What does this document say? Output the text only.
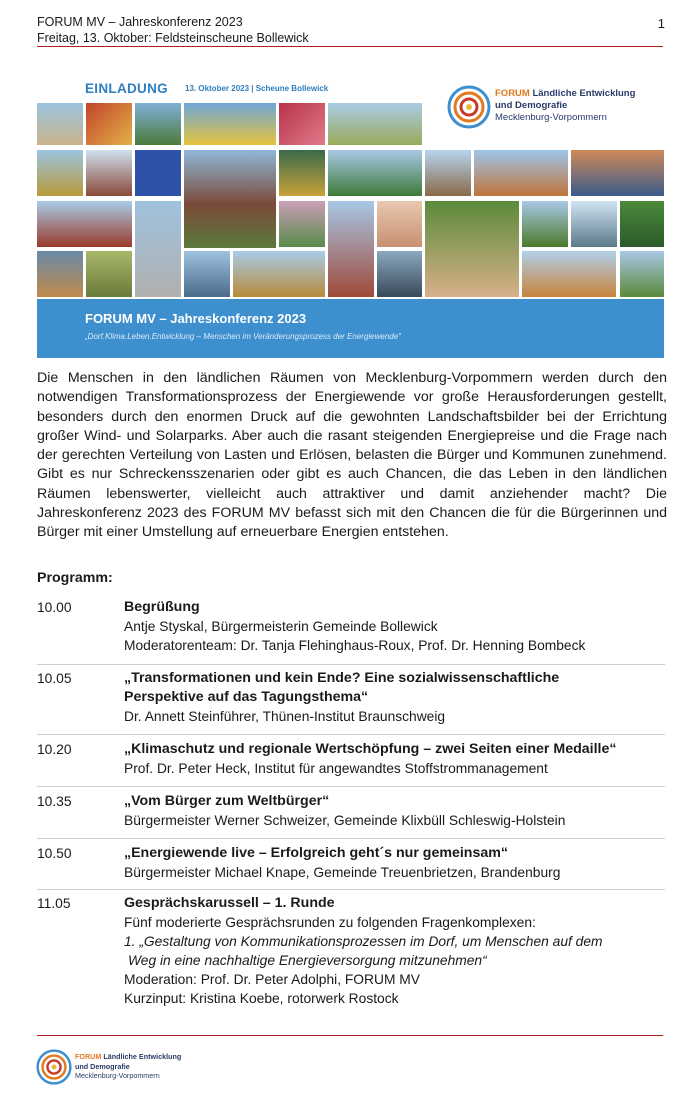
FORUM MV – Jahreskonferenz 2023
Freitag, 13. Oktober: Feldsteinscheune Bollewick
1
EINLADUNG 13. Oktober 2023 | Scheune Bollewick	FORUM Ländliche Entwicklung
und Demografie
Mecklenburg-Vorpommern
FORUM MV – Jahreskonferenz 2023
„Dorf.Klima.Leben.Entwicklung – Menschen im Veränderungsprozess der Energiewende“
Die Menschen in den ländlichen Räumen von Mecklenburg-Vorpommern werden durch den notwendigen Transformationsprozess der Energiewende vor große Herausforderungen gestellt, besonders durch den enormen Druck auf die gewohnten Landschaftsbilder bei der Errichtung großer Wind- und Solarparks. Aber auch die rasant steigenden Energiepreise und die Frage nach der gerechten Verteilung von Lasten und Erlösen, belasten die Bürger und Kommunen zunehmend. Gibt es nur Schreckensszenarien oder gibt es auch Chancen, die das Leben in den ländlichen Räumen lebenswerter, vielleicht auch attraktiver und damit anziehender macht? Die Jahreskonferenz 2023 des FORUM MV befasst sich mit den Chancen die für die Bürgerinnen und Bürger mit einer Umstellung auf erneuerbare Energien entstehen.
Programm:
10.00	Begrüßung
Antje Styskal, Bürgermeisterin Gemeinde Bollewick
Moderatorenteam: Dr. Tanja Flehinghaus-Roux, Prof. Dr. Henning Bombeck
10.05	„Transformationen und kein Ende? Eine sozialwissenschaftliche
Perspektive auf das Tagungsthema“
Dr. Annett Steinführer, Thünen-Institut Braunschweig
10.20	„Klimaschutz und regionale Wertschöpfung – zwei Seiten einer Medaille“
Prof. Dr. Peter Heck, Institut für angewandtes Stoffstrommanagement
10.35	„Vom Bürger zum Weltbürger“
Bürgermeister Werner Schweizer, Gemeinde Klixbüll Schleswig-Holstein
10.50	„Energiewende live – Erfolgreich geht´s nur gemeinsam“
Bürgermeister Michael Knape, Gemeinde Treuenbrietzen, Brandenburg
11.05	Gesprächskarussell – 1. Runde
Fünf moderierte Gesprächsrunden zu folgenden Fragenkomplexen:
1. „Gestaltung von Kommunikationsprozessen im Dorf, um Menschen auf dem
Weg in eine nachhaltige Energieversorgung mitzunehmen“
Moderation: Prof. Dr. Peter Adolphi, FORUM MV
Kurzinput: Kristina Koebe, rotorwerk Rostock
FORUM Ländliche Entwicklung
und Demografie
Mecklenburg-Vorpommern
